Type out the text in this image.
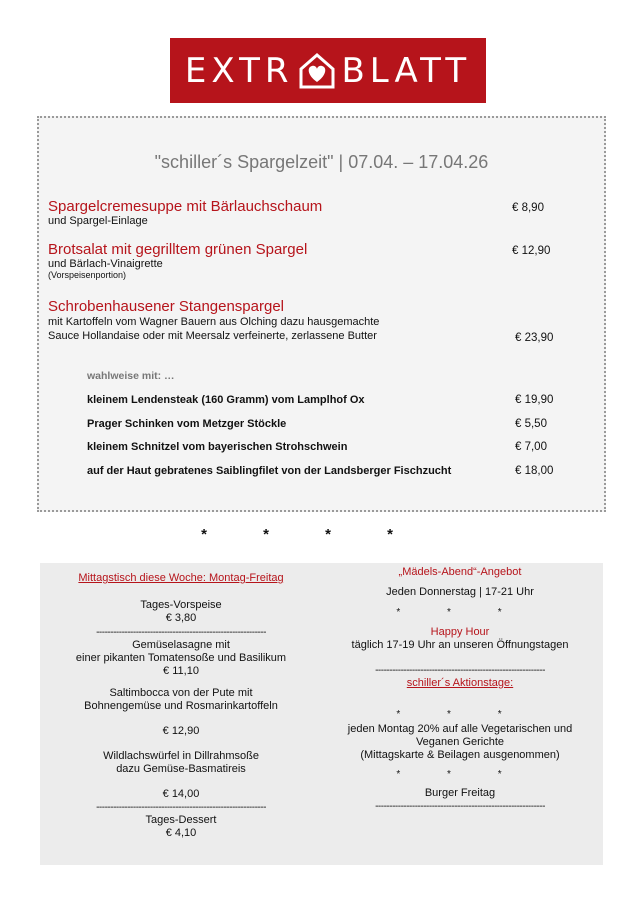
EXTR BLATT
"schiller´s Spargelzeit" | 07.04. – 17.04.26
Spargelcremesuppe mit Bärlauchschaum
und Spargel-Einlage
€ 8,90
Brotsalat mit gegrilltem grünen Spargel
und Bärlach-Vinaigrette
(Vorspeisenportion)
€ 12,90
Schrobenhausener Stangenspargel
mit Kartoffeln vom Wagner Bauern aus Olching dazu hausgemachte
Sauce Hollandaise oder mit Meersalz verfeinerte, zerlassene Butter	€ 23,90
wahlweise mit: …
kleinem Lendensteak (160 Gramm) vom Lamplhof Ox	€ 19,90
Prager Schinken vom Metzger Stöckle	€ 5,50
kleinem Schnitzel vom bayerischen Strohschwein	€ 7,00
auf der Haut gebratenes Saiblingfilet von der Landsberger Fischzucht	€ 18,00
* * * *
Mittagstisch diese Woche: Montag-Freitag
Tages-Vorspeise
€ 3,80
------------------------------------------------------------
Gemüselasagne mit
einer pikanten Tomatensoße und Basilikum
€ 11,10
Saltimbocca von der Pute mit
Bohnengemüse und Rosmarinkartoffeln
€ 12,90
Wildlachswürfel in Dillrahmsoße
dazu Gemüse-Basmatireis
€ 14,00
------------------------------------------------------------
Tages-Dessert
€ 4,10
„Mädels-Abend“-Angebot
Jeden Donnerstag | 17-21 Uhr
* * *
Happy Hour
täglich 17-19 Uhr an unseren Öffnungstagen
------------------------------------------------------------
schiller´s Aktionstage:
* * *
jeden Montag 20% auf alle Vegetarischen und
Veganen Gerichte
(Mittagskarte & Beilagen ausgenommen)
* * *
Burger Freitag
------------------------------------------------------------
